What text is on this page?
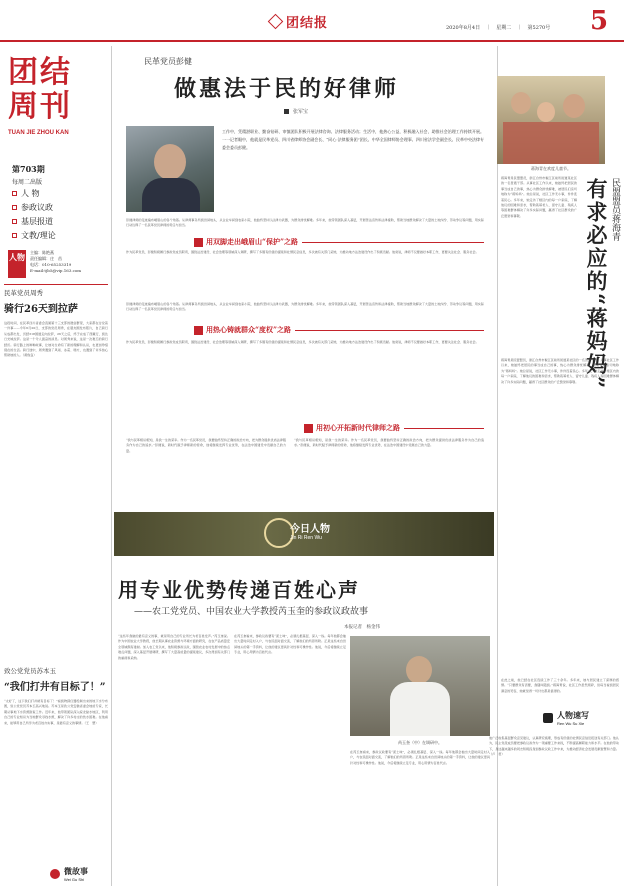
团结报	2020年8月4日 ｜ 星期二 ｜ 第5270号 5
团结周刊
TUAN JIE ZHOU KAN
第703期
每周二出版
人 物
参政议政
基层报道
文教/理论
人物 主编：陈艳燕
责任编辑：庄　茁
电话：010-65253319
E-mail:tjb5@vip.163.com
民革党员周秀
骑行26天到拉萨
这段时间，在民革四川省委会直属第十三支部的微信群里，大家都在讨论着一件事——今年6月20日，支部的党员周秀，在朋友圈发布照片，自己骑行从成都出发，历经318国道走向拉萨，26天之后，终于完成了西藏行，到达日光城拉萨。这是一个令人振奋的消息。对周秀来说，这是一次难忘的骑行经历。骑行路上的种种故事，让她对生命有了新的理解和认识，也更加珍惜现在的生活。骑行途中，周秀遇到了风雨、冰雹、塌方，也遇到了许多热心帮助她的人。（黄俊良）
致公党党员苏本玉
“我们打井有目标了！”
“太好了，这下我们打井就有目标了！”看到物探仪器绘制出来的地下水分布图，致公党党员苏本玉高兴地说。苏本玉是致公党安徽省委会地质专家，长期从事地下水资源勘查工作。近年来，他带领团队深入皖北缺水地区，利用自己的专业知识为当地群众寻找水源，解决了许多村庄的饮水困难。在他看来，能够用自己所学为老百姓办实事，是最有意义的事情。（王　慧）
微故事
Wei Gu Shi
民革党员彭健
做惠法于民的好律师
张军宝
工作中，凭精湛职业、勤奋钻研、审慎团队积极开展法律咨询、法律服务活动；生活中，他热心公益，积极融入社会，助推社会治理工作持续开展。一一记者眼中，他就是民革党员、四川省律师协会副会长、“同心·法律服务团”团长、中华全国律师协会理事、四川省法学会副会长、民革中央法律专委会委员彭健。
彭健律师的足迹遍布峨眉山的各个角落。从律师事务所到田间地头，从企业车间到农家小院，他始终坚持以法律为武器，为群众排忧解难。多年来，他带领团队深入基层，开展普法宣传和法律援助，帮助当地群众解决了大量的土地纠纷、劳动争议等问题，用实际行动诠释了一名民革党员律师的责任与担当。
用双脚走出峨眉山“保护”之路
作为民革党员，彭健积极履行参政党成员职责，围绕法治建设、社会治理等领域深入调研，撰写了多篇有价值的提案和社情民意信息，多次被有关部门采纳，为推动地方法治建设作出了积极贡献。他常说，律师不仅要做好本职工作，更要关注社会、服务社会。
彭健律师的足迹遍布峨眉山的各个角落。从律师事务所到田间地头，从企业车间到农家小院，他始终坚持以法律为武器，为群众排忧解难。多年来，他带领团队深入基层，开展普法宣传和法律援助，帮助当地群众解决了大量的土地纠纷、劳动争议等问题，用实际行动诠释了一名民革党员律师的责任与担当。
用热心铸就群众“度权”之路
作为民革党员，彭健积极履行参政党成员职责，围绕法治建设、社会治理等领域深入调研，撰写了多篇有价值的提案和社情民意信息，多次被有关部门采纳，为推动地方法治建设作出了积极贡献。他常说，律师不仅要做好本职工作，更要关注社会、服务社会。
用初心开拓新时代律师之路
“我与民革相识相知，是我一生的荣幸。作为一名民革党员，我要始终坚持正确的政治方向，把为群众提供优质法律服务作为自己的追求。”彭健说，新时代赋予律师新的使命，他将继续发挥专业优势，在法治中国建设中贡献自己的力量。
“我与民革相识相知，是我一生的荣幸。作为一名民革党员，我要始终坚持正确的政治方向，把为群众提供优质法律服务作为自己的追求。”彭健说，新时代赋予律师新的使命，他将继续发挥专业优势，在法治中国建设中贡献自己的力量。
今日人物
Jin Ri Ren Wu
用专业优势传递百姓心声
——农工党党员、中国农业大学教授芮玉奎的参政议政故事
本报记者　杨金伟
“这些年我做的最有意义的事，就是用自己的专业所长为老百姓发声。”芮玉奎说。作为中国农业大学教授，他长期从事农业资源与环境方面的研究，在农产品质量安全领域颇有建树。加入农工党以来，他积极参政议政，围绕农业农村发展中的热点难点问题，深入基层开展调研，撰写了大量高质量的提案建议，多次得到有关部门的重视和采纳。
在芮玉奎看来，参政议政要有“泥土味”，必须扎根基层、深入一线。每年他都会抽出大量时间走村入户，与农民面对面交流，了解他们的所思所盼。正是这些来自田间地头的第一手资料，让他的建议更具针对性和可操作性。他说，今后将继续立足专业，用心用情为百姓代言。
芮玉奎（中）在调研中。
在芮玉奎看来，参政议政要有“泥土味”，必须扎根基层、深入一线。每年他都会抽出大量时间走村入户，与农民面对面交流，了解他们的所思所盼。正是这些来自田间地头的第一手资料，让他的建议更具针对性和可操作性。他说，今后将继续立足专业，用心用情为百姓代言。
蒋海青在欢度儿童节。
民盟盟员蒋海青
有求必应的“蒋妈妈”
蒋海青是民盟盟员，浙江台州市椒江区前所街道某社区的一名普通干部。从事社区工作以来，她始终把居民的事当成自己的事，热心为群众排忧解难，被居民们亲切地称为“蒋妈妈”。她总是说，社区工作无小事，件件连着民心。多年来，她走访了辖区内的每一户家庭，了解他们的困难和需求，帮助孤寡老人、留守儿童、残疾人等困难群体解决了许多实际问题，赢得了社区群众的广泛赞誉和尊敬。
蒋海青是民盟盟员，浙江台州市椒江区前所街道某社区的一名普通干部。从事社区工作以来，她始终把居民的事当成自己的事，热心为群众排忧解难，被居民们亲切地称为“蒋妈妈”。她总是说，社区工作无小事，件件连着民心。多年来，她走访了辖区内的每一户家庭，了解他们的困难和需求，帮助孤寡老人、留守儿童、残疾人等困难群体解决了许多实际问题，赢得了社区群众的广泛赞誉和尊敬。
人物速写
Ren Wu Su Xie
在此之前，他已经在社区连续工作了三十余年。多年来，她与居民建立了深厚的感情。“只要群众有需要，我随叫随到。”蒋海青说，社区工作虽然琐碎，但每当看到居民满意的笑容，她就觉得一切付出都是值得的。
他广泛收集基层群众意见建议，认真研究梳理，形成有价值的社情民意信息报送有关部门。他认为，民主党派成员要把参政议政作为一项重要工作来抓，不断提高履职能力和水平。在他的带动下，身边越来越多的同志积极投身到参政议政工作中来，为推动经济社会发展贡献智慧和力量。（卢　君）
